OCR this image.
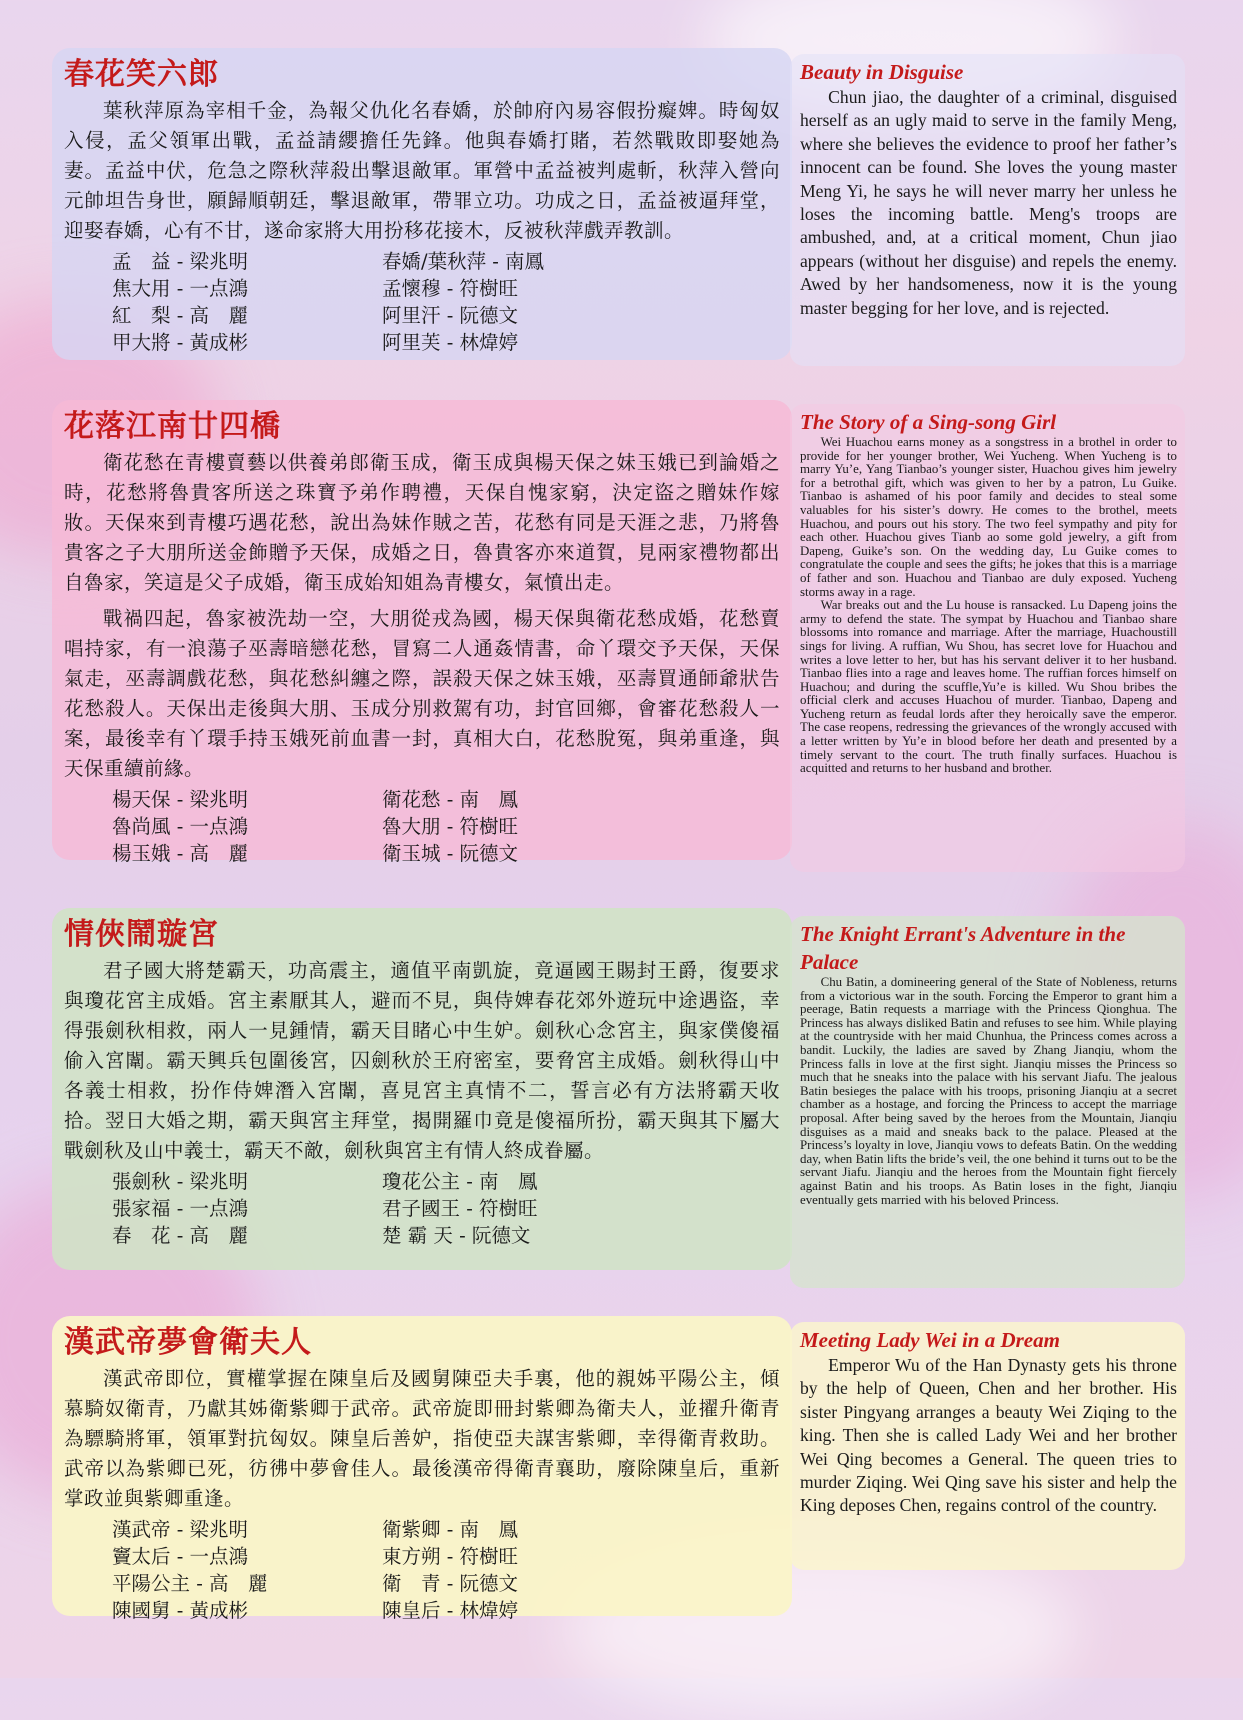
春花笑六郎

葉秋萍原為宰相千金，為報父仇化名春嬌，於帥府內易容假扮癡婢。時匈奴入侵，孟父領軍出戰，孟益請纓擔任先鋒。他與春嬌打賭，若然戰敗即娶她為妻。孟益中伏，危急之際秋萍殺出擊退敵軍。軍營中孟益被判處斬，秋萍入營向元帥坦告身世，願歸順朝廷，擊退敵軍，帶罪立功。功成之日，孟益被逼拜堂，迎娶春嬌，心有不甘，遂命家將大用扮移花接木，反被秋萍戲弄教訓。

孟　益 - 梁兆明	春嬌/葉秋萍 - 南鳳
焦大用 - 一点鴻	孟懷穆 - 符樹旺
紅　梨 - 高　麗	阿里汗 - 阮德文
甲大將 - 黃成彬	阿里芙 - 林煒婷
Beauty in Disguise

Chun jiao, the daughter of a criminal, disguised herself as an ugly maid to serve in the family Meng, where she believes the evidence to proof her father’s innocent can be found. She loves the young master Meng Yi, he says he will never marry her unless he loses the incoming battle. Meng's troops are ambushed, and, at a critical moment, Chun jiao appears (without her disguise) and repels the enemy. Awed by her handsomeness, now it is the young master begging for her love, and is rejected.

花落江南廿四橋

衛花愁在青樓賣藝以供養弟郎衛玉成，衛玉成與楊天保之妹玉娥已到論婚之時，花愁將魯貴客所送之珠寶予弟作聘禮，天保自愧家窮，決定盜之贈妹作嫁妝。天保來到青樓巧遇花愁，說出為妹作賊之苦，花愁有同是天涯之悲，乃將魯貴客之子大朋所送金飾贈予天保，成婚之日，魯貴客亦來道賀，見兩家禮物都出自魯家，笑這是父子成婚，衛玉成始知姐為青樓女，氣憤出走。

戰禍四起，魯家被洗劫一空，大朋從戎為國，楊天保與衛花愁成婚，花愁賣唱持家，有一浪蕩子巫壽暗戀花愁，冒寫二人通姦情書，命丫環交予天保，天保氣走，巫壽調戲花愁，與花愁糾纏之際，誤殺天保之妹玉娥，巫壽買通師爺狀告花愁殺人。天保出走後與大朋、玉成分別救駕有功，封官回鄉，會審花愁殺人一案，最後幸有丫環手持玉娥死前血書一封，真相大白，花愁脫冤，與弟重逢，與天保重續前緣。

楊天保 - 梁兆明	衛花愁 - 南　鳳
魯尚風 - 一点鴻	魯大朋 - 符樹旺
楊玉娥 - 高　麗	衛玉城 - 阮德文
The Story of a Sing-song Girl

Wei Huachou earns money as a songstress in a brothel in order to provide for her younger brother, Wei Yucheng. When Yucheng is to marry Yu’e, Yang Tianbao’s younger sister, Huachou gives him jewelry for a betrothal gift, which was given to her by a patron, Lu Guike. Tianbao is ashamed of his poor family and decides to steal some valuables for his sister’s dowry. He comes to the brothel, meets Huachou, and pours out his story. The two feel sympathy and pity for each other. Huachou gives Tianb ao some gold jewelry, a gift from Dapeng, Guike’s son. On the wedding day, Lu Guike comes to congratulate the couple and sees the gifts; he jokes that this is a marriage of father and son. Huachou and Tianbao are duly exposed. Yucheng storms away in a rage.

War breaks out and the Lu house is ransacked. Lu Dapeng joins the army to defend the state. The sympat by Huachou and Tianbao share blossoms into romance and marriage. After the marriage, Huachoustill sings for living. A ruffian, Wu Shou, has secret love for Huachou and writes a love letter to her, but has his servant deliver it to her husband. Tianbao flies into a rage and leaves home. The ruffian forces himself on Huachou; and during the scuffle,Yu’e is killed. Wu Shou bribes the official clerk and accuses Huachou of murder. Tianbao, Dapeng and Yucheng return as feudal lords after they heroically save the emperor. The case reopens, redressing the grievances of the wrongly accused with a letter written by Yu’e in blood before her death and presented by a timely servant to the court. The truth finally surfaces. Huachou is acquitted and returns to her husband and brother.

情俠鬧璇宮

君子國大將楚霸天，功高震主，適值平南凱旋，竟逼國王賜封王爵，復要求與瓊花宮主成婚。宮主素厭其人，避而不見，與侍婢春花郊外遊玩中途遇盜，幸得張劍秋相救，兩人一見鍾情，霸天目睹心中生妒。劍秋心念宮主，與家僕傻福偷入宮闈。霸天興兵包圍後宮，囚劍秋於王府密室，要脅宮主成婚。劍秋得山中各義士相救，扮作侍婢潛入宮闈，喜見宮主真情不二，誓言必有方法將霸天收拾。翌日大婚之期，霸天與宮主拜堂，揭開羅巾竟是傻福所扮，霸天與其下屬大戰劍秋及山中義士，霸天不敵，劍秋與宮主有情人終成眷屬。

張劍秋 - 梁兆明	瓊花公主 - 南　鳳
張家福 - 一点鴻	君子國王 - 符樹旺
春　花 - 高　麗	楚 霸 天 - 阮德文
The Knight Errant's Adventure in the Palace

Chu Batin, a domineering general of the State of Nobleness, returns from a victorious war in the south. Forcing the Emperor to grant him a peerage, Batin requests a marriage with the Princess Qionghua. The Princess has always disliked Batin and refuses to see him. While playing at the countryside with her maid Chunhua, the Princess comes across a bandit. Luckily, the ladies are saved by Zhang Jianqiu, whom the Princess falls in love at the first sight. Jianqiu misses the Princess so much that he sneaks into the palace with his servant Jiafu. The jealous Batin besieges the palace with his troops, prisoning Jianqiu at a secret chamber as a hostage, and forcing the Princess to accept the marriage proposal. After being saved by the heroes from the Mountain, Jianqiu disguises as a maid and sneaks back to the palace. Pleased at the Princess’s loyalty in love, Jianqiu vows to defeats Batin. On the wedding day, when Batin lifts the bride’s veil, the one behind it turns out to be the servant Jiafu. Jianqiu and the heroes from the Mountain fight fiercely against Batin and his troops. As Batin loses in the fight, Jianqiu eventually gets married with his beloved Princess.

漢武帝夢會衛夫人

漢武帝即位，實權掌握在陳皇后及國舅陳亞夫手裏，他的親姊平陽公主，傾慕騎奴衛青，乃獻其姊衛紫卿于武帝。武帝旋即冊封紫卿為衛夫人，並擢升衛青為驃騎將軍，領軍對抗匈奴。陳皇后善妒，指使亞夫謀害紫卿，幸得衛青救助。武帝以為紫卿已死，彷彿中夢會佳人。最後漢帝得衛青襄助，廢除陳皇后，重新掌政並與紫卿重逢。

漢武帝 - 梁兆明	衛紫卿 - 南　鳳
竇太后 - 一点鴻	東方朔 - 符樹旺
平陽公主 - 高　麗	衛　青 - 阮德文
陳國舅 - 黃成彬	陳皇后 - 林煒婷
Meeting Lady Wei in a Dream

Emperor Wu of the Han Dynasty gets his throne by the help of Queen, Chen and her brother. His sister Pingyang arranges a beauty Wei Ziqing to the king. Then she is called Lady Wei and her brother Wei Qing becomes a General. The queen tries to murder Ziqing. Wei Qing save his sister and help the King deposes Chen, regains control of the country.
